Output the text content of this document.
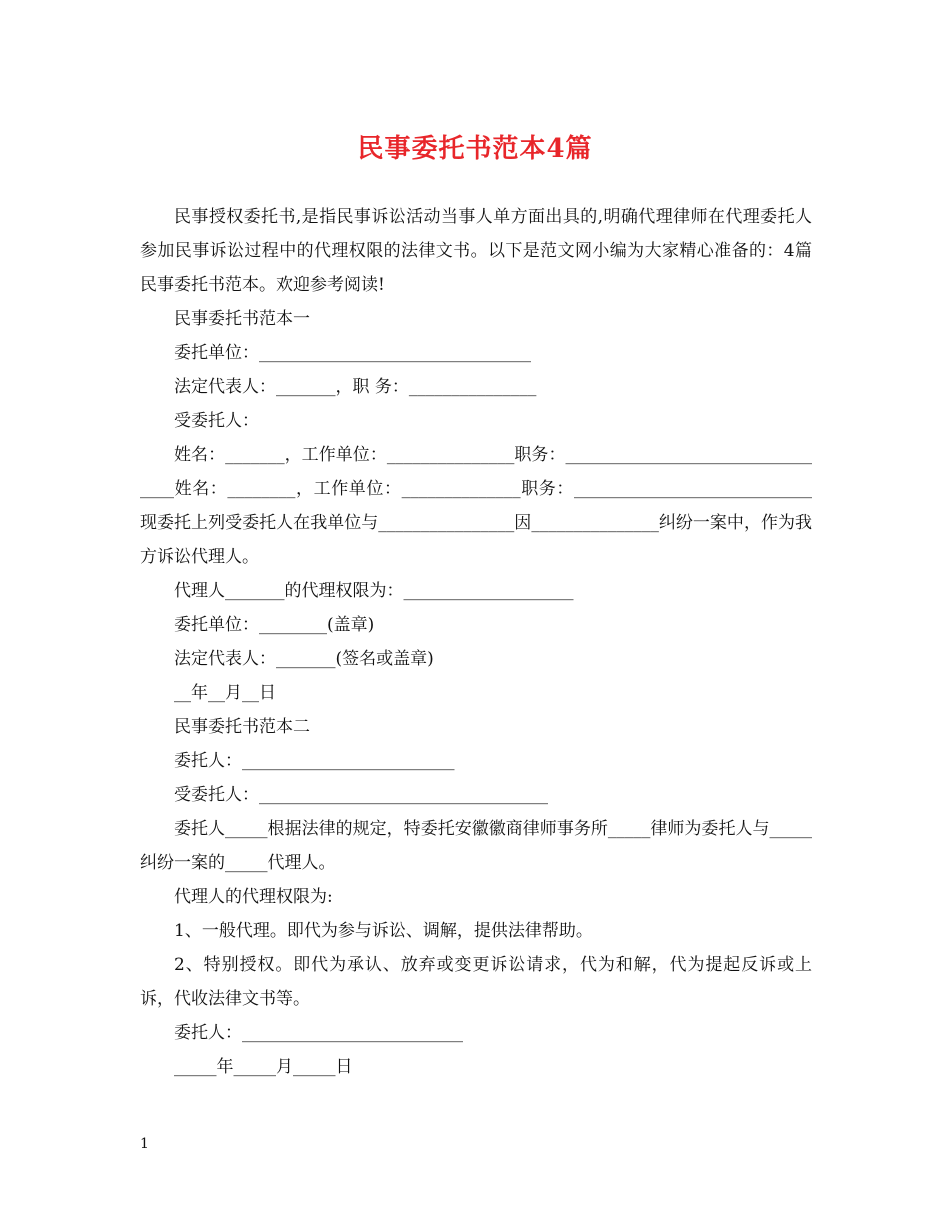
民事委托书范本4篇

民事授权委托书,是指民事诉讼活动当事人单方面出具的,明确代理律师在代理委托人参加民事诉讼过程中的代理权限的法律文书。以下是范文网小编为大家精心准备的：4篇民事委托书范本。欢迎参考阅读!

民事委托书范本一

委托单位：________________________________

法定代表人：_______，职 务：_______________

受委托人：

姓名：_______，工作单位：_______________职务：_________________________________姓名：________，工作单位：______________职务：____________________________现委托上列受委托人在我单位与________________因_______________纠纷一案中，作为我方诉讼代理人。

代理人_______的代理权限为：____________________

委托单位：________(盖章)

法定代表人：_______(签名或盖章)

__年__月__日

民事委托书范本二

委托人：_________________________

受委托人：__________________________________

委托人_____根据法律的规定，特委托安徽徽商律师事务所_____律师为委托人与_____纠纷一案的_____代理人。

代理人的代理权限为:

1、一般代理。即代为参与诉讼、调解，提供法律帮助。

2、特别授权。即代为承认、放弃或变更诉讼请求，代为和解，代为提起反诉或上诉，代收法律文书等。

委托人：__________________________

_____年_____月_____日

1
